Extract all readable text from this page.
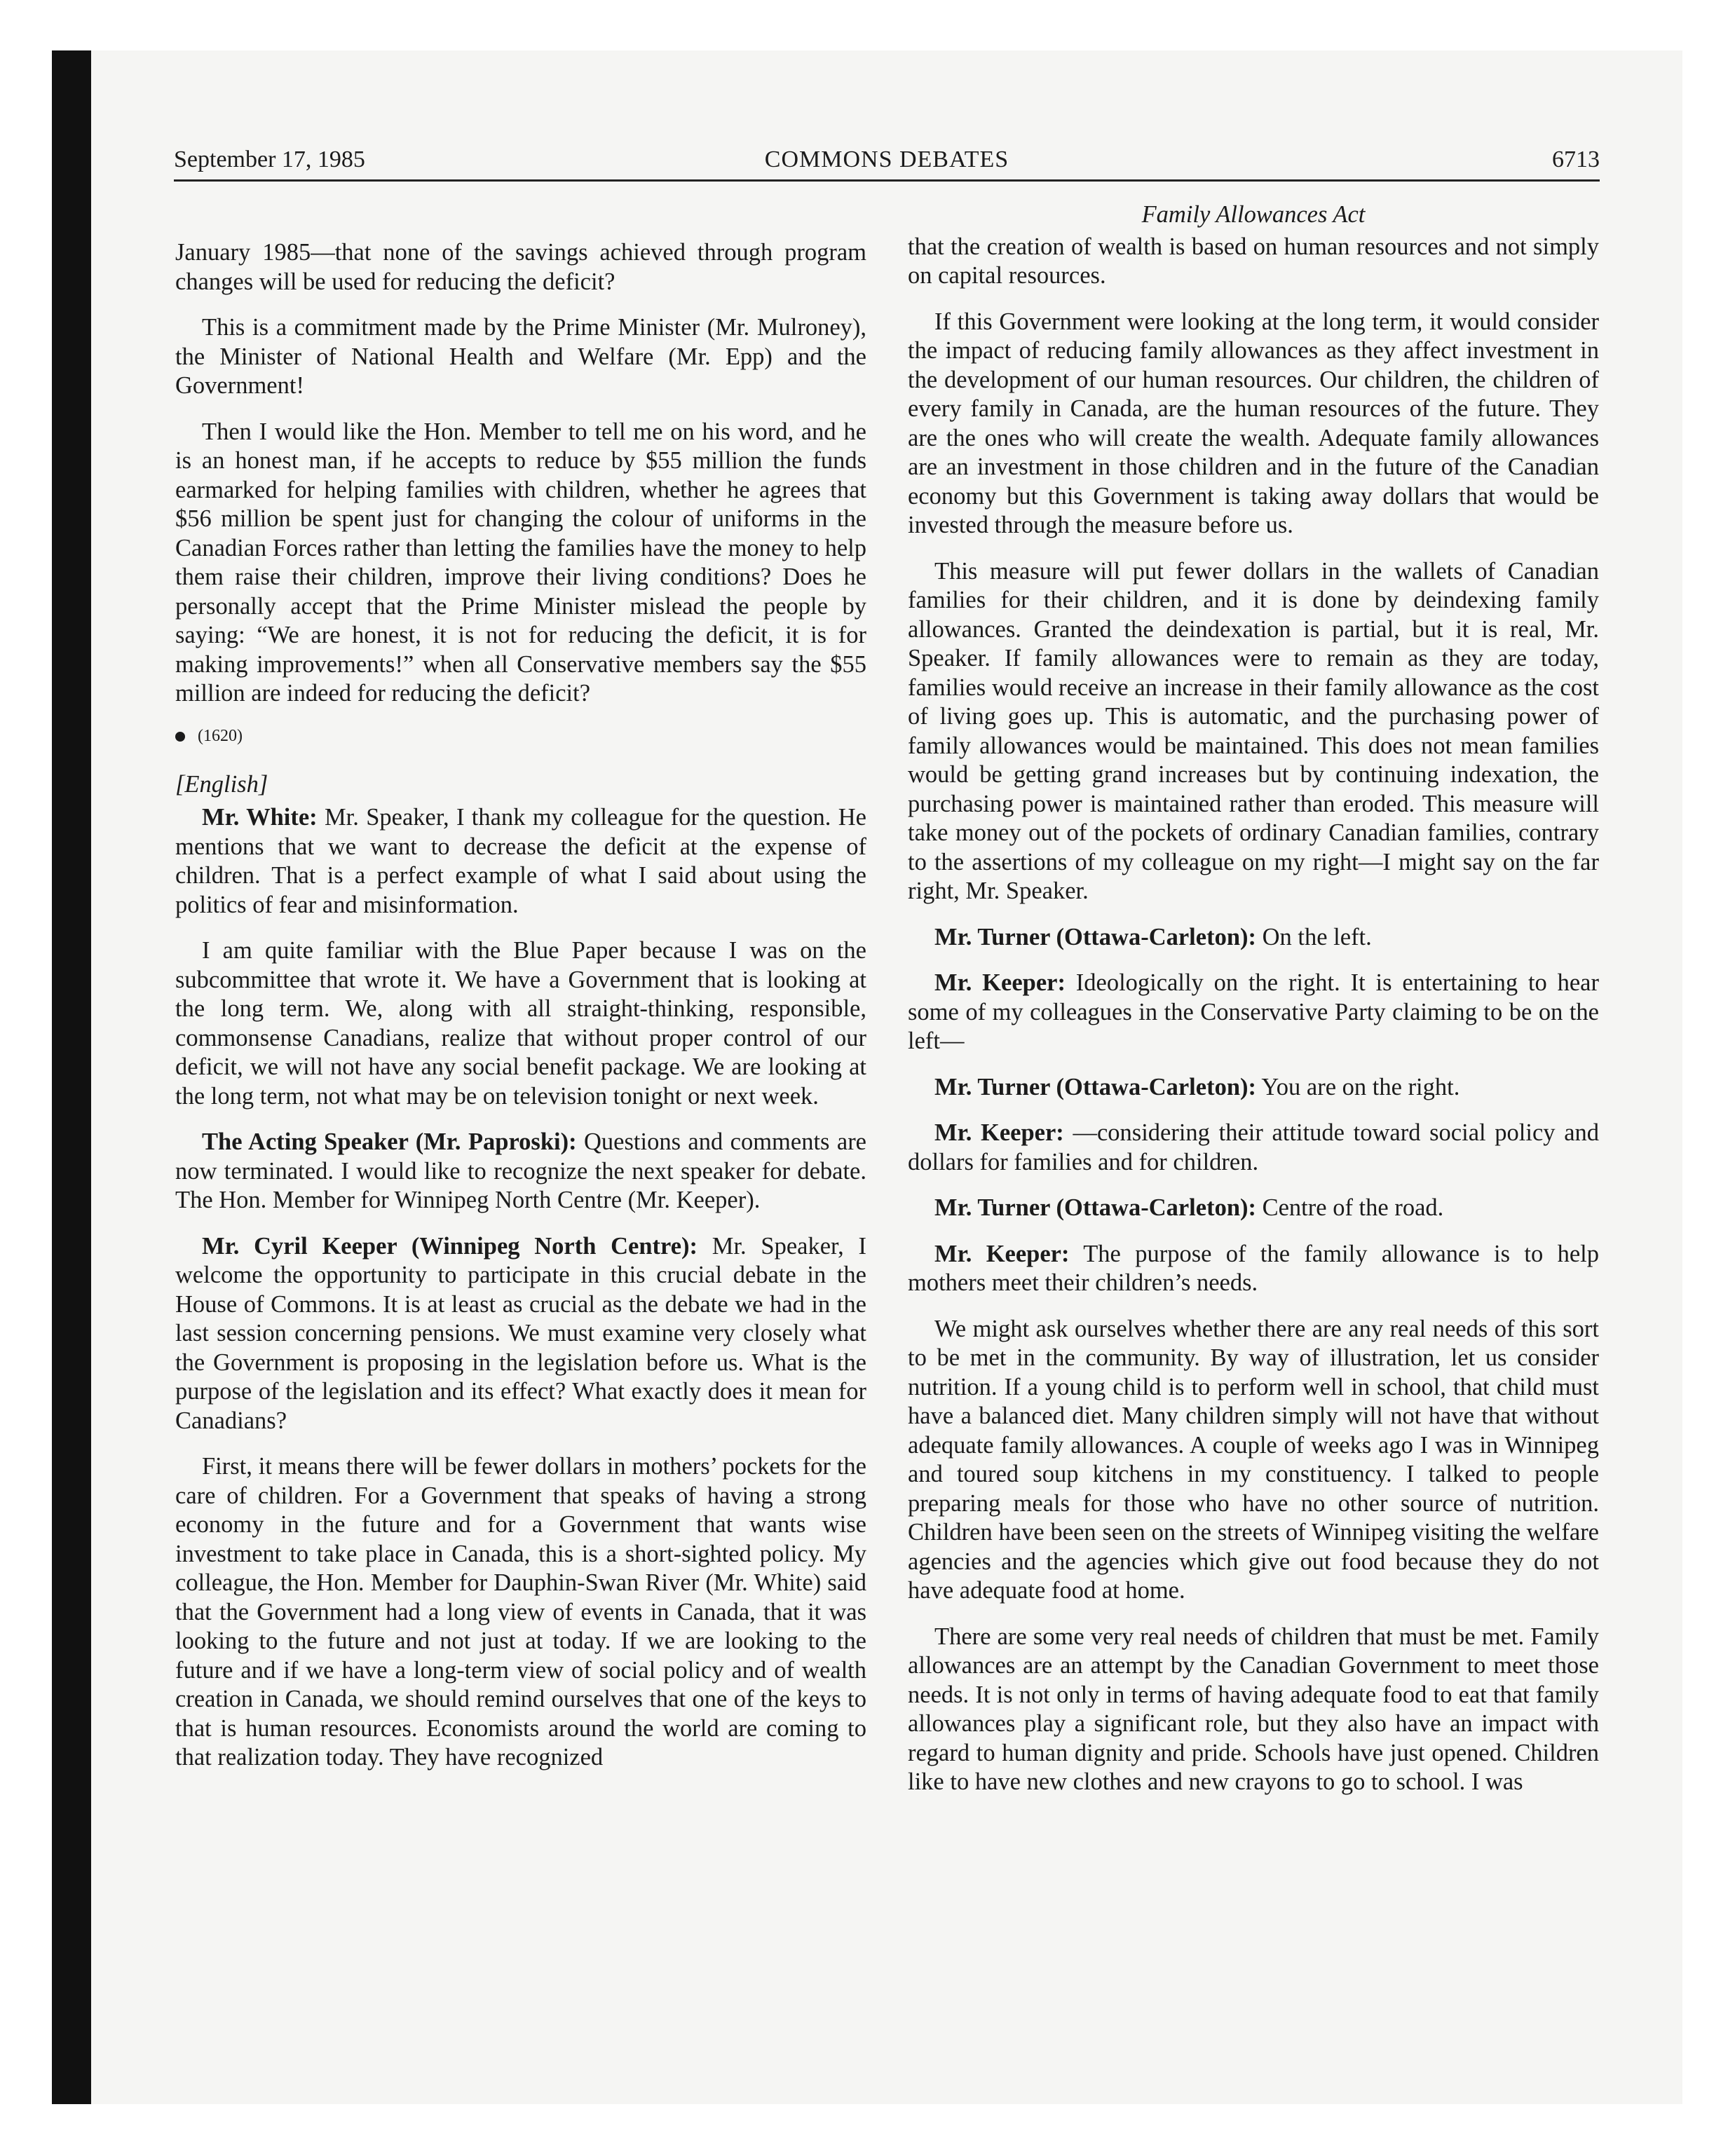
September 17, 1985	COMMONS DEBATES	6713

January 1985—that none of the savings achieved through program changes will be used for reducing the deficit?

This is a commitment made by the Prime Minister (Mr. Mulroney), the Minister of National Health and Welfare (Mr. Epp) and the Government!

Then I would like the Hon. Member to tell me on his word, and he is an honest man, if he accepts to reduce by $55 million the funds earmarked for helping families with children, whether he agrees that $56 million be spent just for changing the colour of uniforms in the Canadian Forces rather than letting the families have the money to help them raise their children, improve their living conditions? Does he personally accept that the Prime Minister mislead the people by saying: “We are honest, it is not for reducing the deficit, it is for making improvements!” when all Conservative members say the $55 million are indeed for reducing the deficit?

(1620)

[English]

Mr. White: Mr. Speaker, I thank my colleague for the question. He mentions that we want to decrease the deficit at the expense of children. That is a perfect example of what I said about using the politics of fear and misinformation.

I am quite familiar with the Blue Paper because I was on the subcommittee that wrote it. We have a Government that is looking at the long term. We, along with all straight-thinking, responsible, commonsense Canadians, realize that without proper control of our deficit, we will not have any social benefit package. We are looking at the long term, not what may be on television tonight or next week.

The Acting Speaker (Mr. Paproski): Questions and comments are now terminated. I would like to recognize the next speaker for debate. The Hon. Member for Winnipeg North Centre (Mr. Keeper).

Mr. Cyril Keeper (Winnipeg North Centre): Mr. Speaker, I welcome the opportunity to participate in this crucial debate in the House of Commons. It is at least as crucial as the debate we had in the last session concerning pensions. We must examine very closely what the Government is proposing in the legislation before us. What is the purpose of the legislation and its effect? What exactly does it mean for Canadians?

First, it means there will be fewer dollars in mothers’ pockets for the care of children. For a Government that speaks of having a strong economy in the future and for a Government that wants wise investment to take place in Canada, this is a short-sighted policy. My colleague, the Hon. Member for Dauphin-Swan River (Mr. White) said that the Government had a long view of events in Canada, that it was looking to the future and not just at today. If we are looking to the future and if we have a long-term view of social policy and of wealth creation in Canada, we should remind ourselves that one of the keys to that is human resources. Economists around the world are coming to that realization today. They have recognized

Family Allowances Act

that the creation of wealth is based on human resources and not simply on capital resources.

If this Government were looking at the long term, it would consider the impact of reducing family allowances as they affect investment in the development of our human resources. Our children, the children of every family in Canada, are the human resources of the future. They are the ones who will create the wealth. Adequate family allowances are an investment in those children and in the future of the Canadian economy but this Government is taking away dollars that would be invested through the measure before us.

This measure will put fewer dollars in the wallets of Canadian families for their children, and it is done by deindexing family allowances. Granted the deindexation is partial, but it is real, Mr. Speaker. If family allowances were to remain as they are today, families would receive an increase in their family allowance as the cost of living goes up. This is automatic, and the purchasing power of family allowances would be maintained. This does not mean families would be getting grand increases but by continuing indexation, the purchasing power is maintained rather than eroded. This measure will take money out of the pockets of ordinary Canadian families, contrary to the assertions of my colleague on my right—I might say on the far right, Mr. Speaker.

Mr. Turner (Ottawa-Carleton): On the left.

Mr. Keeper: Ideologically on the right. It is entertaining to hear some of my colleagues in the Conservative Party claiming to be on the left—

Mr. Turner (Ottawa-Carleton): You are on the right.

Mr. Keeper: —considering their attitude toward social policy and dollars for families and for children.

Mr. Turner (Ottawa-Carleton): Centre of the road.

Mr. Keeper: The purpose of the family allowance is to help mothers meet their children’s needs.

We might ask ourselves whether there are any real needs of this sort to be met in the community. By way of illustration, let us consider nutrition. If a young child is to perform well in school, that child must have a balanced diet. Many children simply will not have that without adequate family allowances. A couple of weeks ago I was in Winnipeg and toured soup kitchens in my constituency. I talked to people preparing meals for those who have no other source of nutrition. Children have been seen on the streets of Winnipeg visiting the welfare agencies and the agencies which give out food because they do not have adequate food at home.

There are some very real needs of children that must be met. Family allowances are an attempt by the Canadian Government to meet those needs. It is not only in terms of having adequate food to eat that family allowances play a significant role, but they also have an impact with regard to human dignity and pride. Schools have just opened. Children like to have new clothes and new crayons to go to school. I was
